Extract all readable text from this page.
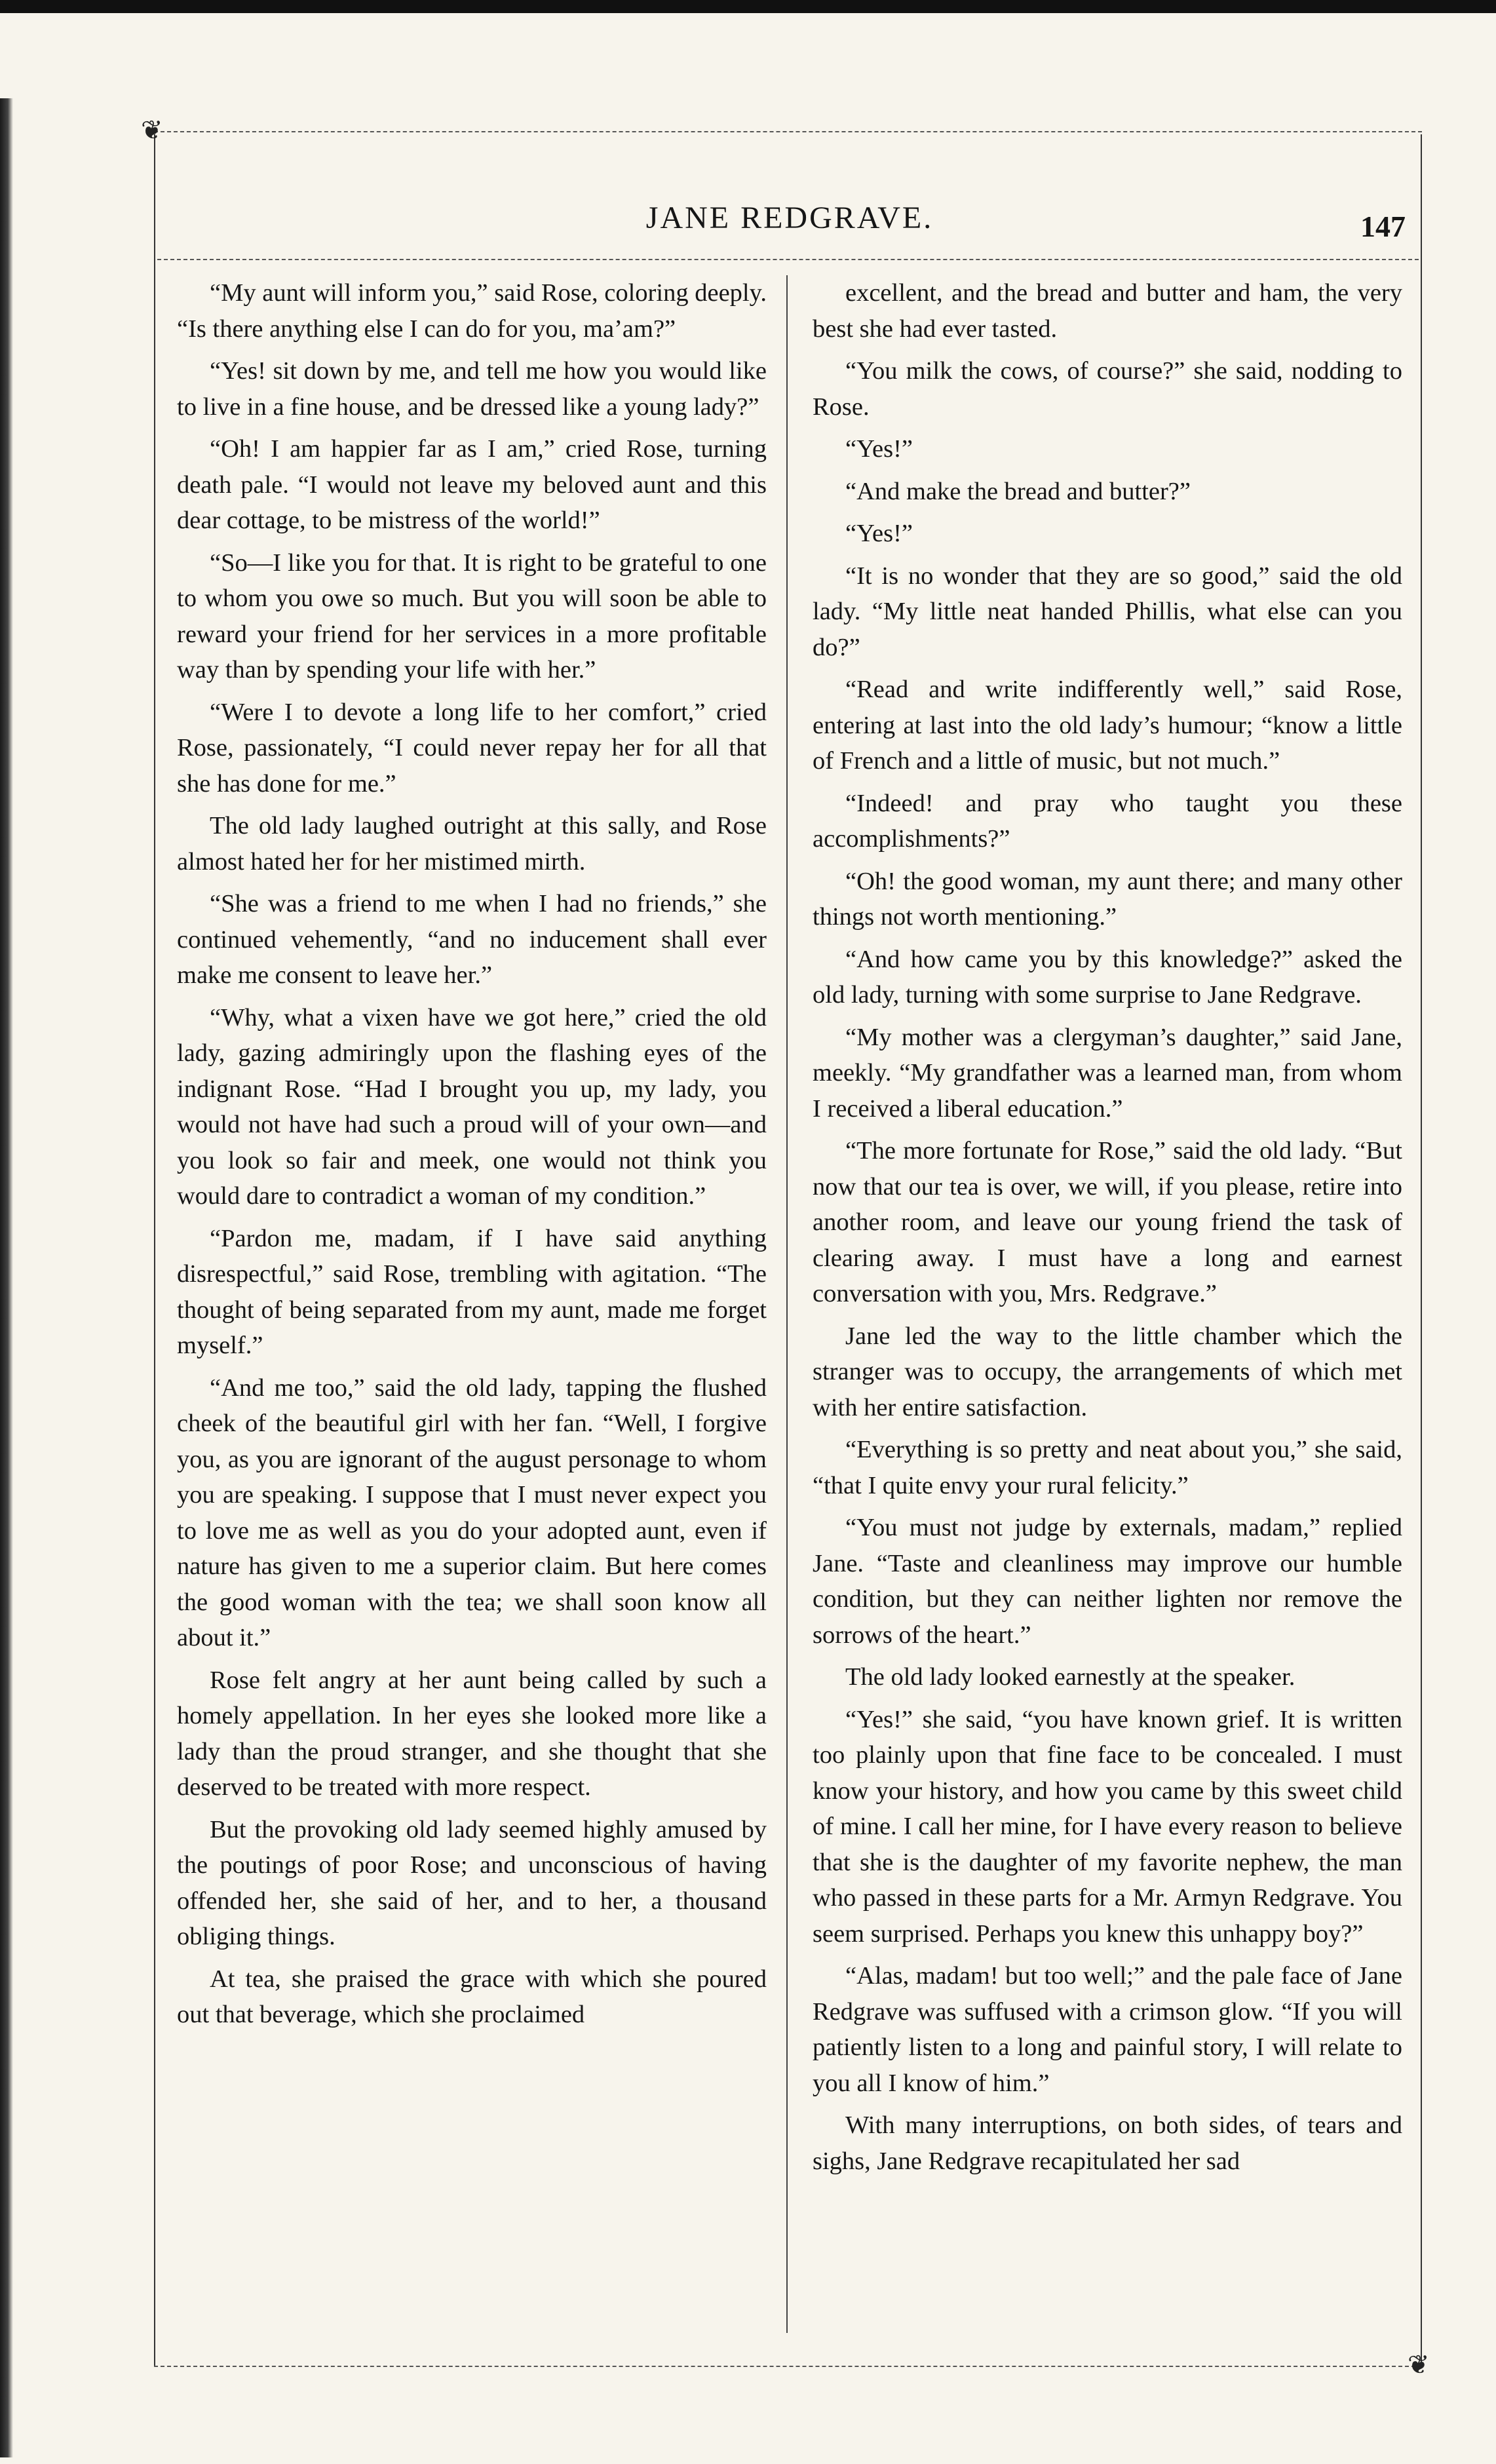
❦
❦
JANE REDGRAVE.	147

“My aunt will inform you,” said Rose, coloring deeply. “Is there anything else I can do for you, ma’am?”

“Yes! sit down by me, and tell me how you would like to live in a fine house, and be dressed like a young lady?”

“Oh! I am happier far as I am,” cried Rose, turning death pale. “I would not leave my beloved aunt and this dear cottage, to be mistress of the world!”

“So—I like you for that. It is right to be grateful to one to whom you owe so much. But you will soon be able to reward your friend for her services in a more profitable way than by spending your life with her.”

“Were I to devote a long life to her comfort,” cried Rose, passionately, “I could never repay her for all that she has done for me.”

The old lady laughed outright at this sally, and Rose almost hated her for her mistimed mirth.

“She was a friend to me when I had no friends,” she continued vehemently, “and no inducement shall ever make me consent to leave her.”

“Why, what a vixen have we got here,” cried the old lady, gazing admiringly upon the flashing eyes of the indignant Rose. “Had I brought you up, my lady, you would not have had such a proud will of your own—and you look so fair and meek, one would not think you would dare to contradict a woman of my condition.”

“Pardon me, madam, if I have said anything disrespectful,” said Rose, trembling with agitation. “The thought of being separated from my aunt, made me forget myself.”

“And me too,” said the old lady, tapping the flushed cheek of the beautiful girl with her fan. “Well, I forgive you, as you are ignorant of the august personage to whom you are speaking. I suppose that I must never expect you to love me as well as you do your adopted aunt, even if nature has given to me a superior claim. But here comes the good woman with the tea; we shall soon know all about it.”

Rose felt angry at her aunt being called by such a homely appellation. In her eyes she looked more like a lady than the proud stranger, and she thought that she deserved to be treated with more respect.

But the provoking old lady seemed highly amused by the poutings of poor Rose; and unconscious of having offended her, she said of her, and to her, a thousand obliging things.

At tea, she praised the grace with which she poured out that beverage, which she proclaimed

excellent, and the bread and butter and ham, the very best she had ever tasted.

“You milk the cows, of course?” she said, nodding to Rose.

“Yes!”

“And make the bread and butter?”

“Yes!”

“It is no wonder that they are so good,” said the old lady. “My little neat handed Phillis, what else can you do?”

“Read and write indifferently well,” said Rose, entering at last into the old lady’s humour; “know a little of French and a little of music, but not much.”

“Indeed! and pray who taught you these accomplishments?”

“Oh! the good woman, my aunt there; and many other things not worth mentioning.”

“And how came you by this knowledge?” asked the old lady, turning with some surprise to Jane Redgrave.

“My mother was a clergyman’s daughter,” said Jane, meekly. “My grandfather was a learned man, from whom I received a liberal education.”

“The more fortunate for Rose,” said the old lady. “But now that our tea is over, we will, if you please, retire into another room, and leave our young friend the task of clearing away. I must have a long and earnest conversation with you, Mrs. Redgrave.”

Jane led the way to the little chamber which the stranger was to occupy, the arrangements of which met with her entire satisfaction.

“Everything is so pretty and neat about you,” she said, “that I quite envy your rural felicity.”

“You must not judge by externals, madam,” replied Jane. “Taste and cleanliness may improve our humble condition, but they can neither lighten nor remove the sorrows of the heart.”

The old lady looked earnestly at the speaker.

“Yes!” she said, “you have known grief. It is written too plainly upon that fine face to be concealed. I must know your history, and how you came by this sweet child of mine. I call her mine, for I have every reason to believe that she is the daughter of my favorite nephew, the man who passed in these parts for a Mr. Armyn Redgrave. You seem surprised. Perhaps you knew this unhappy boy?”

“Alas, madam! but too well;” and the pale face of Jane Redgrave was suffused with a crimson glow. “If you will patiently listen to a long and painful story, I will relate to you all I know of him.”

With many interruptions, on both sides, of tears and sighs, Jane Redgrave recapitulated her sad
